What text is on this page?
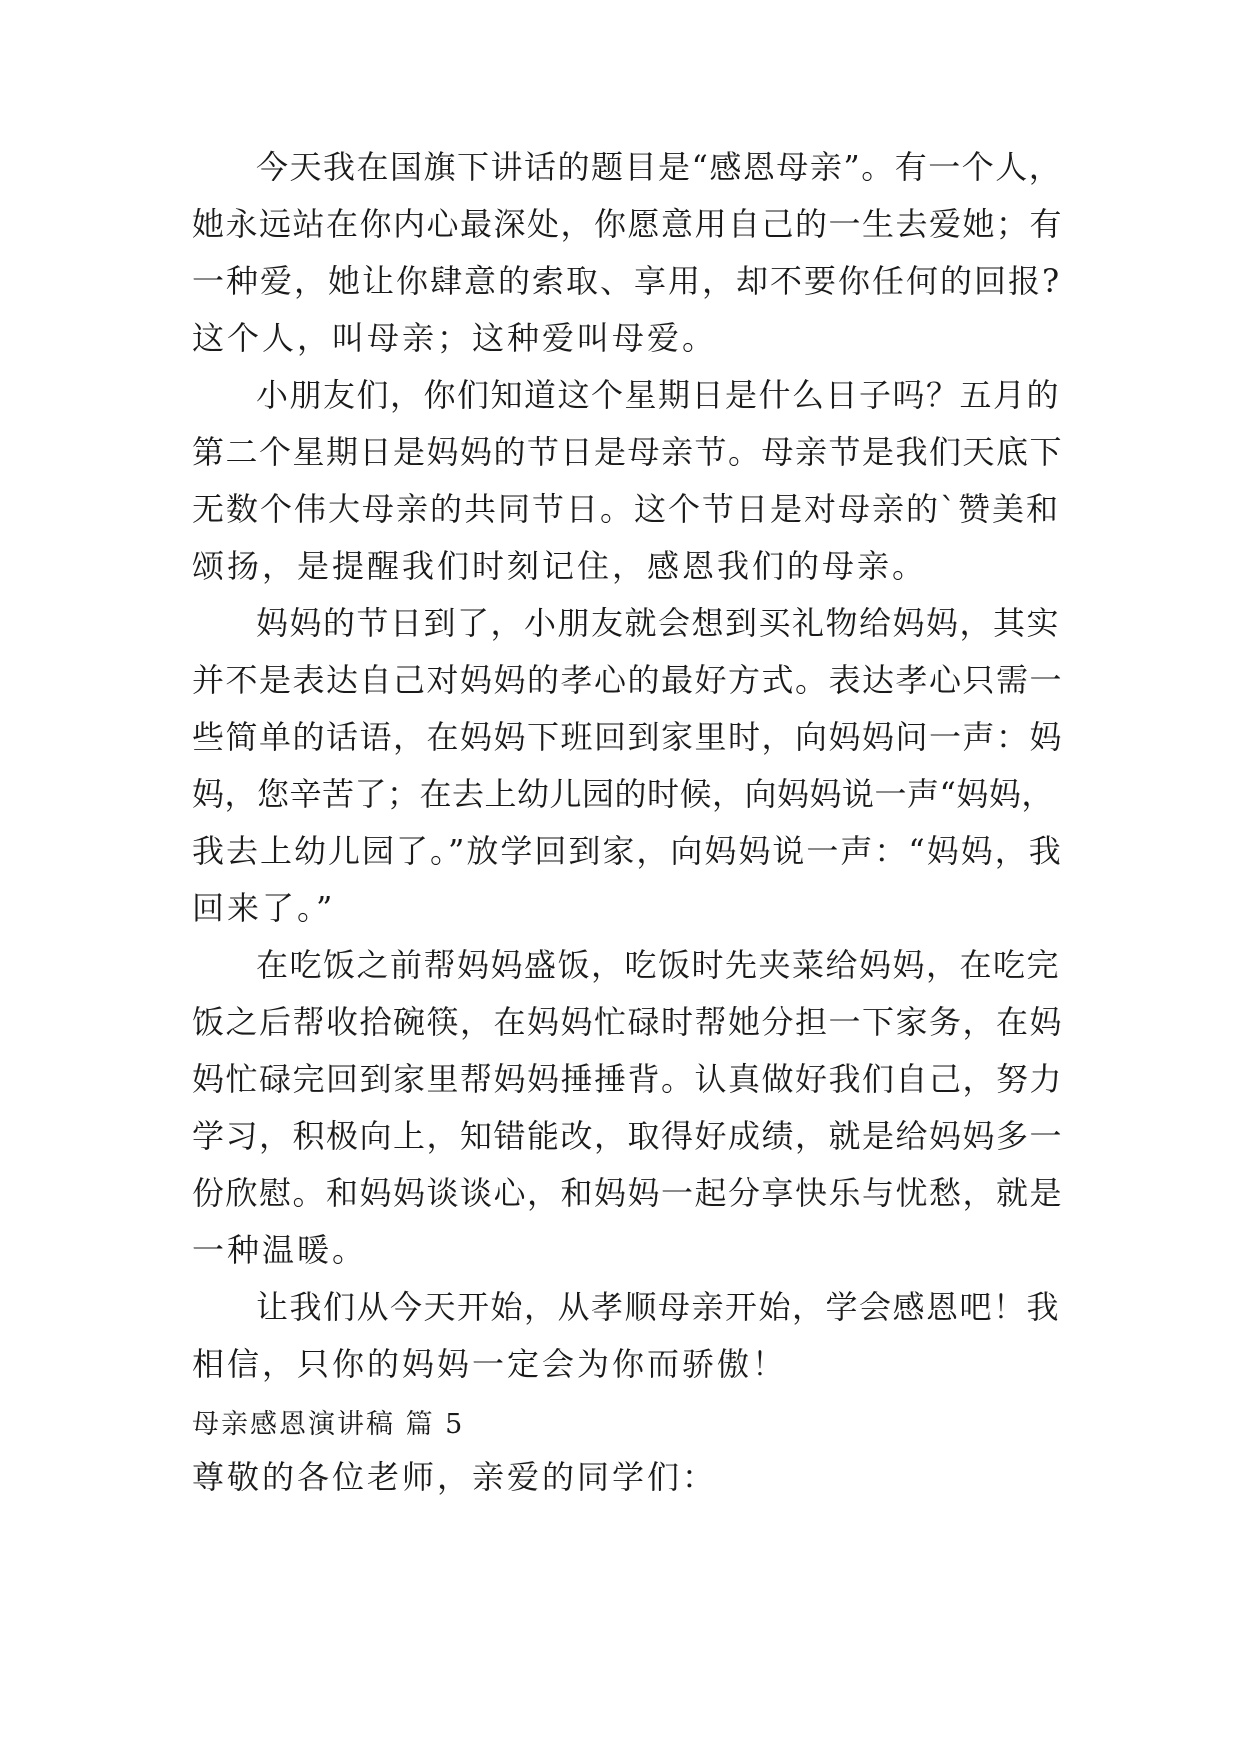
今天我在国旗下讲话的题目是“感恩母亲”。有一个人，
她永远站在你内心最深处，你愿意用自己的一生去爱她；有
一种爱，她让你肆意的索取、享用，却不要你任何的回报?
这个人，叫母亲；这种爱叫母爱。
小朋友们，你们知道这个星期日是什么日子吗？五月的
第二个星期日是妈妈的节日是母亲节。母亲节是我们天底下
无数个伟大母亲的共同节日。这个节日是对母亲的`赞美和
颂扬，是提醒我们时刻记住，感恩我们的母亲。
妈妈的节日到了，小朋友就会想到买礼物给妈妈，其实
并不是表达自己对妈妈的孝心的最好方式。表达孝心只需一
些简单的话语，在妈妈下班回到家里时，向妈妈问一声：妈
妈，您辛苦了；在去上幼儿园的时候，向妈妈说一声“妈妈，
我去上幼儿园了。”放学回到家，向妈妈说一声：“妈妈，我
回来了。”
在吃饭之前帮妈妈盛饭，吃饭时先夹菜给妈妈，在吃完
饭之后帮收拾碗筷，在妈妈忙碌时帮她分担一下家务，在妈
妈忙碌完回到家里帮妈妈捶捶背。认真做好我们自己，努力
学习，积极向上，知错能改，取得好成绩，就是给妈妈多一
份欣慰。和妈妈谈谈心，和妈妈一起分享快乐与忧愁，就是
一种温暖。
让我们从今天开始，从孝顺母亲开始，学会感恩吧！我
相信，只你的妈妈一定会为你而骄傲！
母亲感恩演讲稿 篇 5
尊敬的各位老师，亲爱的同学们：
